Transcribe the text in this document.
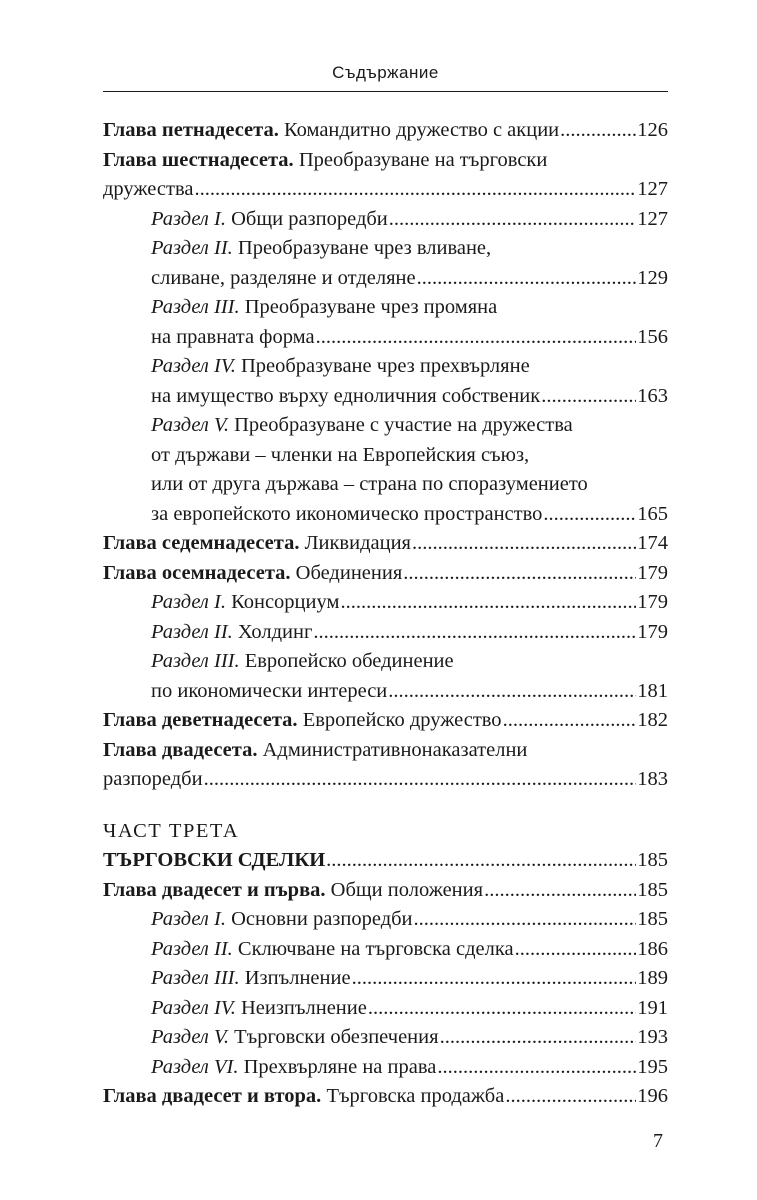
Съдържание
Глава петнадесета. Командитно дружество с акции .....	126
Глава шестнадесета. Преобразуване на търговски
дружества .....	127
Раздел I. Общи разпоредби .....	127
Раздел II. Преобразуване чрез вливане,
сливане, разделяне и отделяне .....	129
Раздел III. Преобразуване чрез промяна
на правната форма .....	156
Раздел IV. Преобразуване чрез прехвърляне
на имущество върху едноличния собственик .....	163
Раздел V. Преобразуване с участие на дружества
от държави – членки на Европейския съюз,
или от друга държава – страна по споразумението
за европейското икономическо пространство .....	165
Глава седемнадесета. Ликвидация .....	174
Глава осемнадесета. Обединения .....	179
Раздел I. Консорциум .....	179
Раздел II. Холдинг .....	179
Раздел III. Европейско обединение
по икономически интереси .....	181
Глава деветнадесета. Европейско дружество .....	182
Глава двадесета. Административнонаказателни
разпоредби .....	183
ЧАСТ ТРЕТА
ТЪРГОВСКИ СДЕЛКИ .....	185
Глава двадесет и първа. Общи положения .....	185
Раздел I. Основни разпоредби .....	185
Раздел II. Сключване на търговска сделка .....	186
Раздел III. Изпълнение .....	189
Раздел IV. Неизпълнение .....	191
Раздел V. Търговски обезпечения .....	193
Раздел VI. Прехвърляне на права .....	195
Глава двадесет и втора. Търговска продажба .....	196
7
